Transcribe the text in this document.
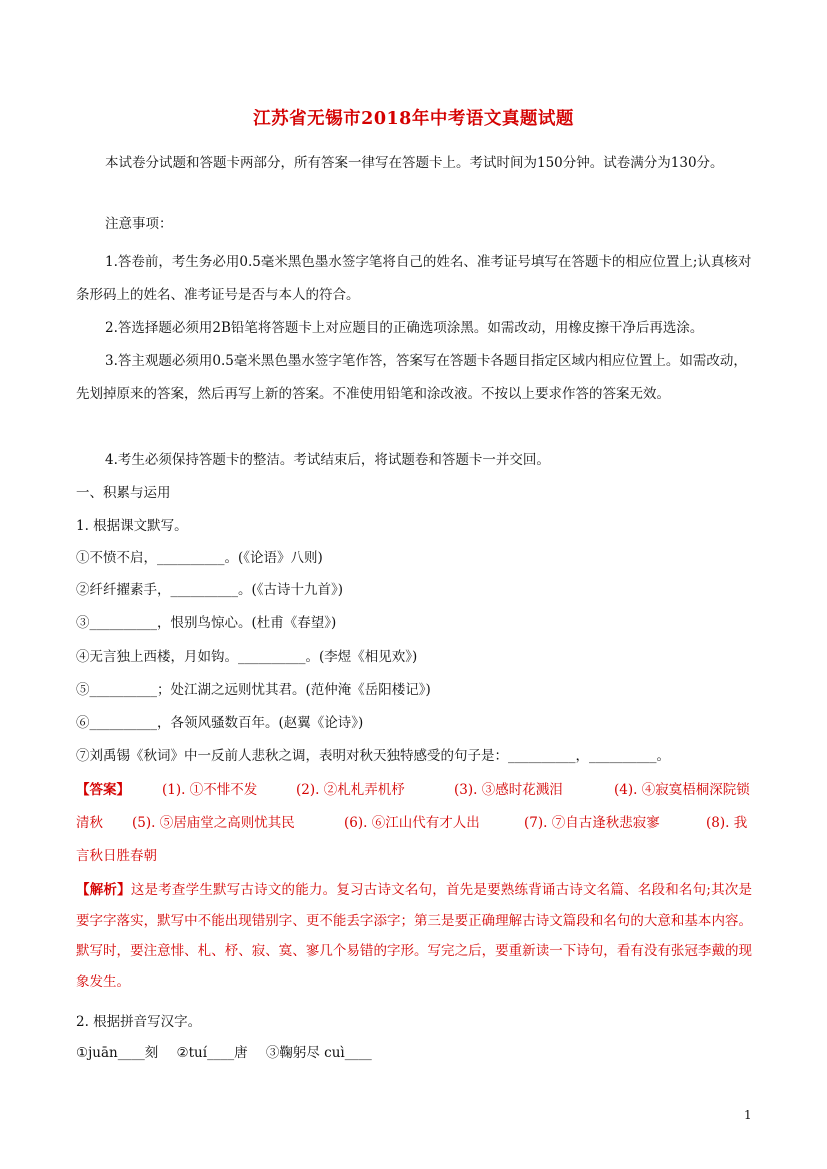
江苏省无锡市2018年中考语文真题试题
本试卷分试题和答题卡两部分，所有答案一律写在答题卡上。考试时间为150分钟。试卷满分为130分。
注意事项：
1.答卷前，考生务必用0.5毫米黑色墨水签字笔将自己的姓名、准考证号填写在答题卡的相应位置上;认真核对条形码上的姓名、准考证号是否与本人的符合。
2.答选择题必须用2B铅笔将答题卡上对应题目的正确选项涂黑。如需改动，用橡皮擦干净后再选涂。
3.答主观题必须用0.5毫米黑色墨水签字笔作答，答案写在答题卡各题目指定区域内相应位置上。如需改动，先划掉原来的答案，然后再写上新的答案。不准使用铅笔和涂改液。不按以上要求作答的答案无效。
4.考生必须保持答题卡的整洁。考试结束后，将试题卷和答题卡一并交回。
一、积累与运用
1. 根据课文默写。
①不愤不启，__________。(《论语》八则)
②纤纤擢素手，__________。(《古诗十九首》)
③__________，恨别鸟惊心。(杜甫《春望》)
④无言独上西楼，月如钩。__________。(李煜《相见欢》)
⑤__________；处江湖之远则忧其君。(范仲淹《岳阳楼记》)
⑥__________，各领风骚数百年。(赵翼《论诗》)
⑦刘禹锡《秋词》中一反前人悲秋之调，表明对秋天独特感受的句子是：__________，__________。
【答案】 (1). ①不悱不发	(2). ②札札弄机杼	(3). ③感时花溅泪	(4). ④寂寞梧桐深院锁
清秋 (5). ⑤居庙堂之高则忧其民	(6). ⑥江山代有才人出	(7). ⑦自古逢秋悲寂寥	(8). 我
言秋日胜春朝
【解析】这是考查学生默写古诗文的能力。复习古诗文名句，首先是要熟练背诵古诗文名篇、名段和名句;其次是要字字落实，默写中不能出现错别字、更不能丢字添字；第三是要正确理解古诗文篇段和名句的大意和基本内容。默写时，要注意悱、札、杼、寂、寞、寥几个易错的字形。写完之后，要重新读一下诗句，看有没有张冠李戴的现象发生。
2. 根据拼音写汉字。
①juān____刻 ②tuí____唐 ③鞠躬尽 cuì____
1
